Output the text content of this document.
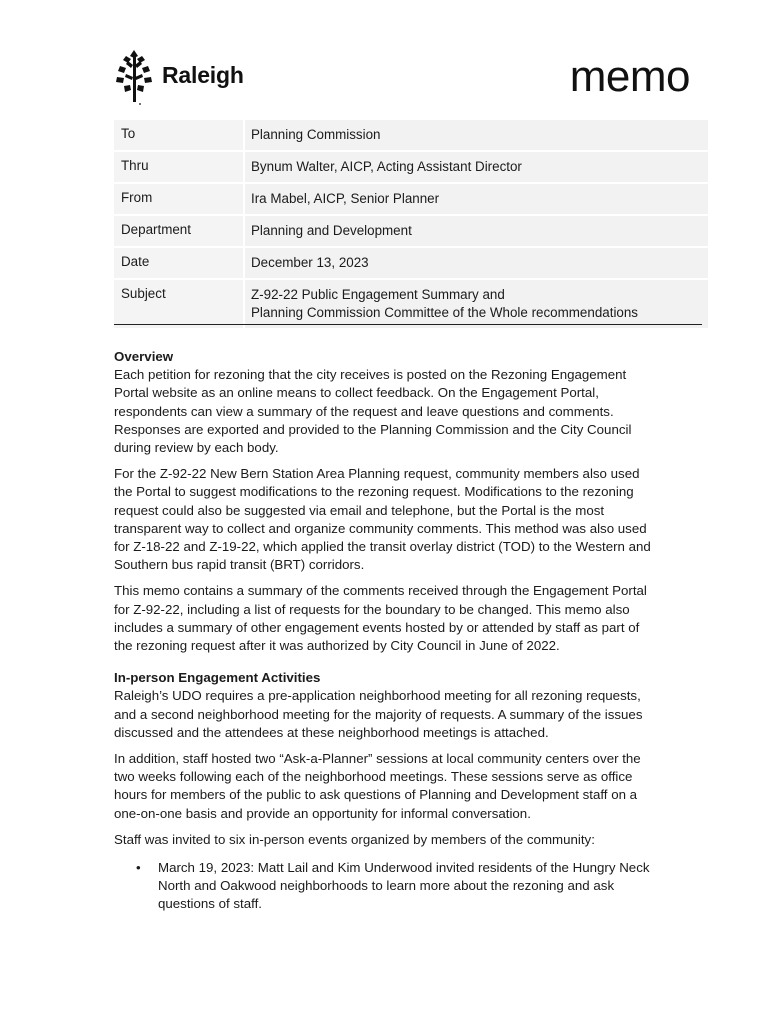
Raleigh	memo
To	Planning Commission
Thru	Bynum Walter, AICP, Acting Assistant Director
From	Ira Mabel, AICP, Senior Planner
Department	Planning and Development
Date	December 13, 2023
Subject	Z-92-22 Public Engagement Summary and
Planning Commission Committee of the Whole recommendations
Overview

Each petition for rezoning that the city receives is posted on the Rezoning Engagement Portal website as an online means to collect feedback. On the Engagement Portal, respondents can view a summary of the request and leave questions and comments. Responses are exported and provided to the Planning Commission and the City Council during review by each body.

For the Z-92-22 New Bern Station Area Planning request, community members also used the Portal to suggest modifications to the rezoning request. Modifications to the rezoning request could also be suggested via email and telephone, but the Portal is the most transparent way to collect and organize community comments. This method was also used for Z-18-22 and Z-19-22, which applied the transit overlay district (TOD) to the Western and Southern bus rapid transit (BRT) corridors.

This memo contains a summary of the comments received through the Engagement Portal for Z-92-22, including a list of requests for the boundary to be changed. This memo also includes a summary of other engagement events hosted by or attended by staff as part of the rezoning request after it was authorized by City Council in June of 2022.

In-person Engagement Activities

Raleigh’s UDO requires a pre-application neighborhood meeting for all rezoning requests, and a second neighborhood meeting for the majority of requests. A summary of the issues discussed and the attendees at these neighborhood meetings is attached.

In addition, staff hosted two “Ask-a-Planner” sessions at local community centers over the two weeks following each of the neighborhood meetings. These sessions serve as office hours for members of the public to ask questions of Planning and Development staff on a one-on-one basis and provide an opportunity for informal conversation.

Staff was invited to six in-person events organized by members of the community:

• March 19, 2023: Matt Lail and Kim Underwood invited residents of the Hungry Neck North and Oakwood neighborhoods to learn more about the rezoning and ask questions of staff.
